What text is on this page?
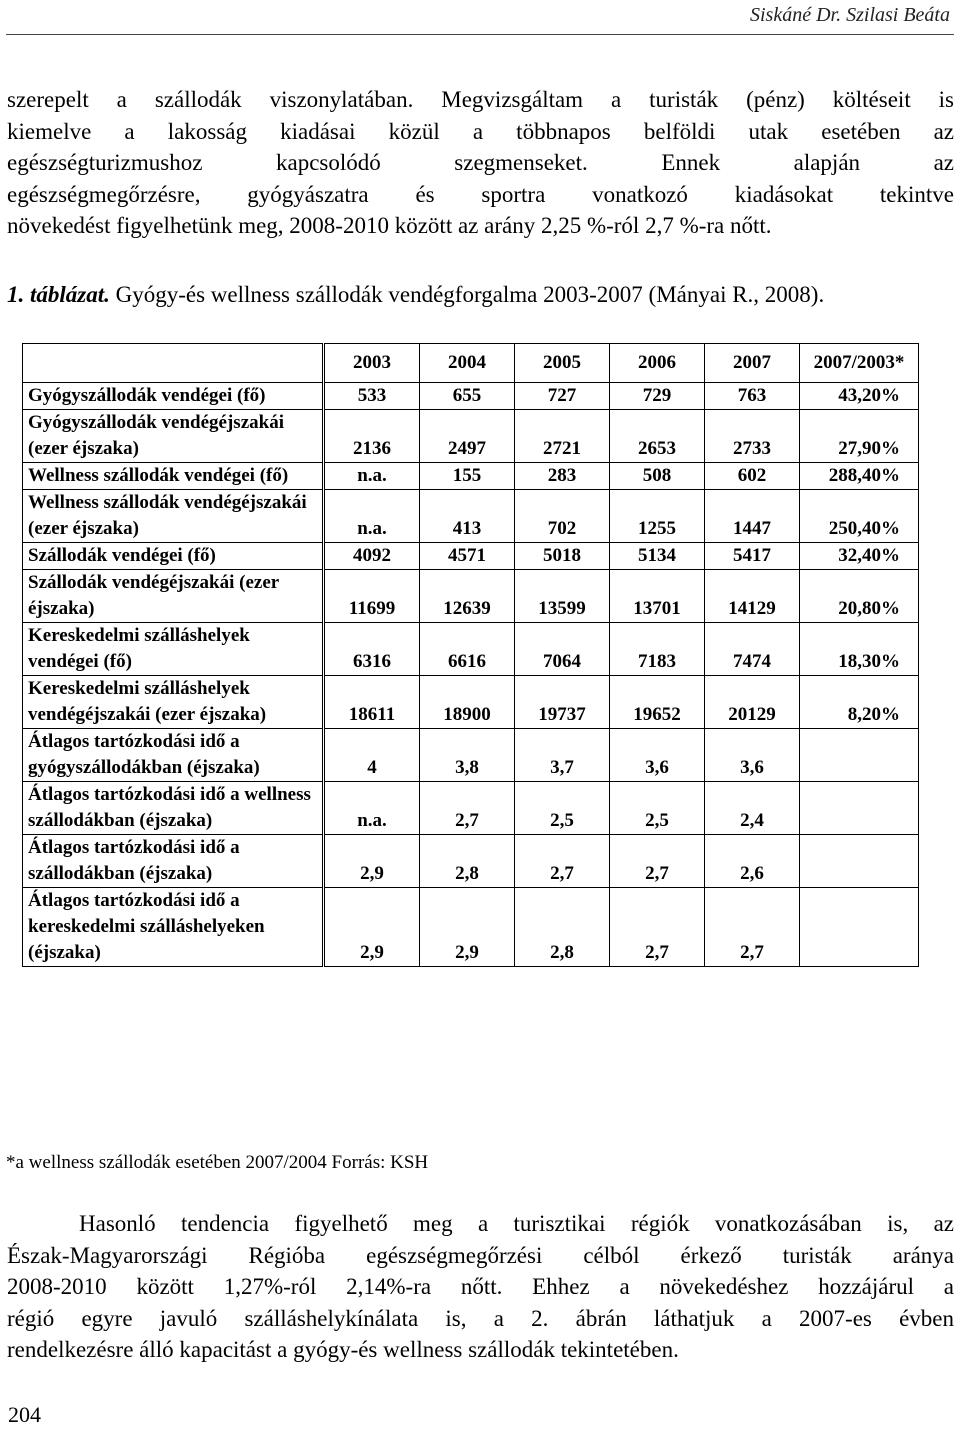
Siskáné Dr. Szilasi Beáta

szerepelt a szállodák viszonylatában. Megvizsgáltam a turisták (pénz) költéseit is
kiemelve a lakosság kiadásai közül a többnapos belföldi utak esetében az
egészségturizmushoz kapcsolódó szegmenseket. Ennek alapján az
egészségmegőrzésre, gyógyászatra és sportra vonatkozó kiadásokat tekintve
növekedést figyelhetünk meg, 2008-2010 között az arány 2,25 %-ról 2,7 %-ra nőtt.

1. táblázat. Gyógy-és wellness szállodák vendégforgalma 2003-2007 (Mányai R., 2008).

	2003	2004	2005	2006	2007	2007/2003*
Gyógyszállodák vendégei (fő)	533	655	727	729	763	43,20%
Gyógyszállodák vendégéjszakái (ezer éjszaka)	2136	2497	2721	2653	2733	27,90%
Wellness szállodák vendégei (fő)	n.a.	155	283	508	602	288,40%
Wellness szállodák vendégéjszakái (ezer éjszaka)	n.a.	413	702	1255	1447	250,40%
Szállodák vendégei (fő)	4092	4571	5018	5134	5417	32,40%
Szállodák vendégéjszakái (ezer éjszaka)	11699	12639	13599	13701	14129	20,80%
Kereskedelmi szálláshelyek vendégei (fő)	6316	6616	7064	7183	7474	18,30%
Kereskedelmi szálláshelyek vendégéjszakái (ezer éjszaka)	18611	18900	19737	19652	20129	8,20%
Átlagos tartózkodási idő a gyógyszállodákban (éjszaka)	4	3,8	3,7	3,6	3,6	
Átlagos tartózkodási idő a wellness szállodákban (éjszaka)	n.a.	2,7	2,5	2,5	2,4	
Átlagos tartózkodási idő a szállodákban (éjszaka)	2,9	2,8	2,7	2,7	2,6	
Átlagos tartózkodási idő a kereskedelmi szálláshelyeken (éjszaka)	2,9	2,9	2,8	2,7	2,7	
*a wellness szállodák esetében 2007/2004 Forrás: KSH

Hasonló tendencia figyelhető meg a turisztikai régiók vonatkozásában is, az
Észak-Magyarországi Régióba egészségmegőrzési célból érkező turisták aránya
2008-2010 között 1,27%-ról 2,14%-ra nőtt. Ehhez a növekedéshez hozzájárul a
régió egyre javuló szálláshelykínálata is, a 2. ábrán láthatjuk a 2007-es évben
rendelkezésre álló kapacitást a gyógy-és wellness szállodák tekintetében.

204
